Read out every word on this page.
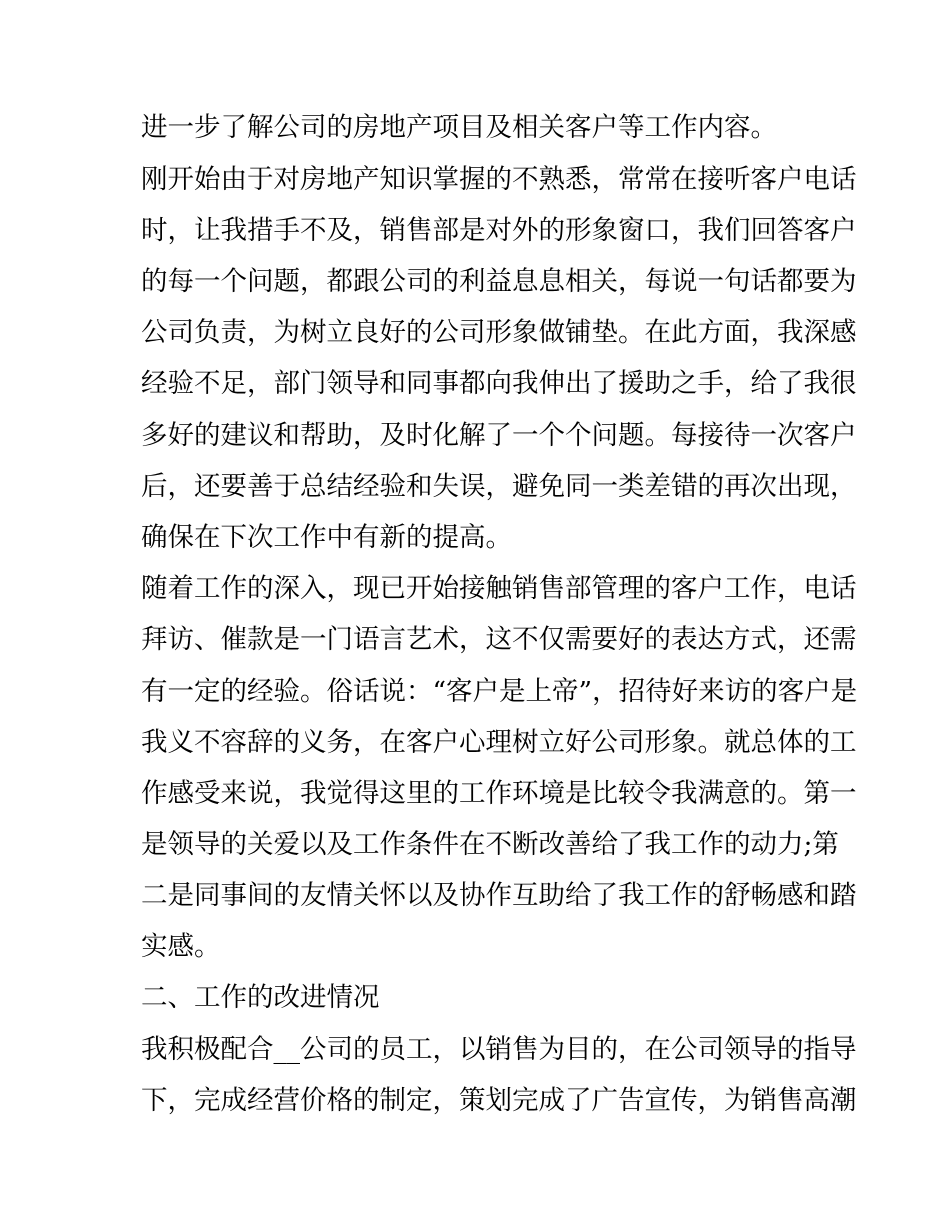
进一步了解公司的房地产项目及相关客户等工作内容。
刚开始由于对房地产知识掌握的不熟悉，常常在接听客户电话
时，让我措手不及，销售部是对外的形象窗口，我们回答客户
的每一个问题，都跟公司的利益息息相关，每说一句话都要为
公司负责，为树立良好的公司形象做铺垫。在此方面，我深感
经验不足，部门领导和同事都向我伸出了援助之手，给了我很
多好的建议和帮助，及时化解了一个个问题。每接待一次客户
后，还要善于总结经验和失误，避免同一类差错的再次出现，
确保在下次工作中有新的提高。
随着工作的深入，现已开始接触销售部管理的客户工作，电话
拜访、催款是一门语言艺术，这不仅需要好的表达方式，还需
有一定的经验。俗话说：“客户是上帝”，招待好来访的客户是
我义不容辞的义务，在客户心理树立好公司形象。就总体的工
作感受来说，我觉得这里的工作环境是比较令我满意的。第一
是领导的关爱以及工作条件在不断改善给了我工作的动力;第
二是同事间的友情关怀以及协作互助给了我工作的舒畅感和踏
实感。
二、工作的改进情况
我积极配合__公司的员工，以销售为目的，在公司领导的指导
下，完成经营价格的制定，策划完成了广告宣传，为销售高潮
